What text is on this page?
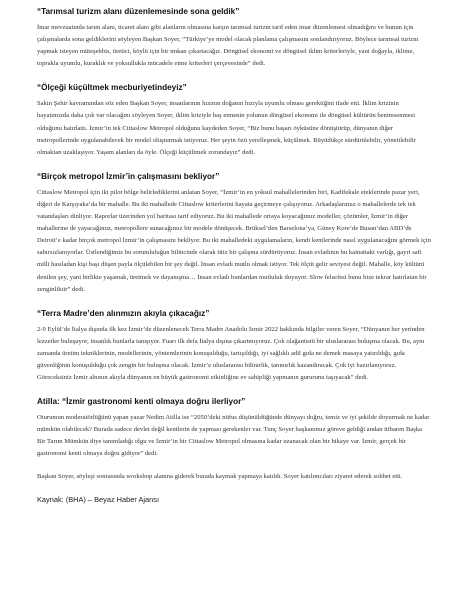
“Tarımsal turizm alanı düzenlemesinde sona geldik”

İmar mevzuatında tarım alanı, ticaret alanı gibi alanların olmasına karşın tarımsal turizm tarif eden imar düzenlemesi olmadığını ve bunun için çalışmalarda sona geldiklerini söyleyen Başkan Soyer, “Türkiye’ye model olacak planlama çalışmasını sonlandırıyoruz. Böylece tarımsal turizm yapmak isteyen müteşebbis, üretici, köylü için bir imkan çıkartacağız. Döngüsel ekonomi ve döngüsel iklim kriterleriyle, yani doğayla, iklime, toprakla uyumlu, kuraklık ve yoksullukla mücadele etme kriterleri çerçevesinde” dedi.

“Ölçeği küçültmek mecburiyetindeyiz”

Sakin Şehir kavramından söz eden Başkan Soyer, insanlarının hızının doğanın hızıyla uyumlu olması gerektiğini ifade etti. İklim krizinin hayatımızda daha çok var olacağını söyleyen Soyer, iklim kriziyle baş etmenin yolunun döngüsel ekonomi ile döngüsel kültürün benimsenmesi olduğunu hatırlattı. İzmir’in tek Cittaslow Metropol olduğunu kaydeden Soyer, “Biz bunu başarı öyküsüne dönüştürüp, dünyanın diğer metropollerinde uygulanabilecek bir model oluşturmak istiyoruz. Her şeyin özü yerelleşmek, küçülmek. Büyüdükçe sürdürülebilir, yönetilebilir olmaktan uzaklaşıyor. Yaşam alanları da öyle. Ölçeği küçültmek zorundayız” dedi.

“Birçok metropol İzmir’in çalışmasını bekliyor”

Cittaslow Metropol için iki pilot bölge belirlediklerini anlatan Soyer, “İzmir’in en yoksul mahallelerinden biri, Kadifekale eteklerinde pazar yeri, diğeri de Karşıyaka’da bir mahalle. Bu iki mahallede Cittaslow kriterlerini hayata geçirmeye çalışıyoruz. Arkadaşlarımız o mahallelerde tek tek vatandaşları dinliyor. Raporlar üzerinden yol haritası tarif ediyoruz. Bu iki mahallede ortaya koyacağımız modeller, çözümler, İzmir’in diğer mahallerine de yayacağımız, metropollere sunacağımız bir modele dönüşecek. Brüksel’den Barselona’ya, Güney Kore’de Busan’dan ABD’de Detroit’e kadar birçok metropol İzmir’in çalışmasını bekliyor. Bu iki mahalledeki uygulamaların, kendi kentlerinde nasıl uygulanacağını görmek için sabırsızlanıyorlar. Üstlendiğimiz bu sorumluluğun bilincinde olarak titiz bir çalışma sürdürüyoruz. İnsan evladının bu kainattaki varlığı, gayri safi milli hasıladan kişi başı düşen payla ölçülebilen bir şey değil. İnsan evladı mutlu olmak istiyor. Tek ölçüt gelir seviyesi değil. Mahalle, köy kültürü denilen şey, yani birlikte yaşamak, üretmek ve dayanışma… İnsan evladı bunlardan mutluluk duyuyor. Slow felsefesi bunu bize tekrar hatırlatan bir zenginliktir” dedi.

“Terra Madre’den alınmızın akıyla çıkacağız”

2-9 Eylül’de İtalya dışında ilk kez İzmir’de düzenlenecek Terra Madre Anadolu İzmir 2022 hakkında bilgiler veren Soyer, “Dünyanın her yerinden lezzetler buluşuyor, insanlık bunlarla tanışıyor. Fuarı ilk defa İtalya dışına çıkartmıyoruz. Çok olağanüstü bir uluslararası buluşma olacak. Bu, aynı zamanda üretim tekniklerinin, modellerinin, yöntemlerinin konuşulduğu, tartışıldığı, iyi sağlıklı adil gıda ne demek masaya yatırıldığı, gıda güvenliğinin konuşulduğu çok zengin bir buluşma olacak. İzmir’e uluslararası bilinirlik, tanınırlık kazandıracak. Çok iyi hazırlanıyoruz. Göreceksiniz İzmir alnının akıyla dünyanın en büyük gastronomi etkinliğine ev sahipliği yapmanın gururunu taşıyacak” dedi.

Atilla: “İzmir gastronomi kenti olmaya doğru ilerliyor”

Oturumun moderatörlüğünü yapan yazar Nedim Atilla ise “2050’deki nüfus düşünüldüğünde dünyayı doğru, temiz ve iyi şekilde doyurmak ne kadar mümkün olabilecek? Burada sadece devlet değil kentlerin de yapması gerekenler var. Tunç Soyer başkanımız göreve geldiği andan itibaren Başka Bir Tarım Mümkün diye tanımladığı olgu ve İzmir’in bir Cittaslow Metropol olmasına kadar uzanacak olan bir hikaye var. İzmir, gerçek bir gastronomi kenti olmaya doğru gidiyor” dedi.

Başkan Soyer, söyleşi sonrasında workshop alanına giderek burada kaymak yapmaya katıldı. Soyer katılımcıları ziyaret ederek sohbet etti.

Kaynak: (BHA) – Beyaz Haber Ajansı
